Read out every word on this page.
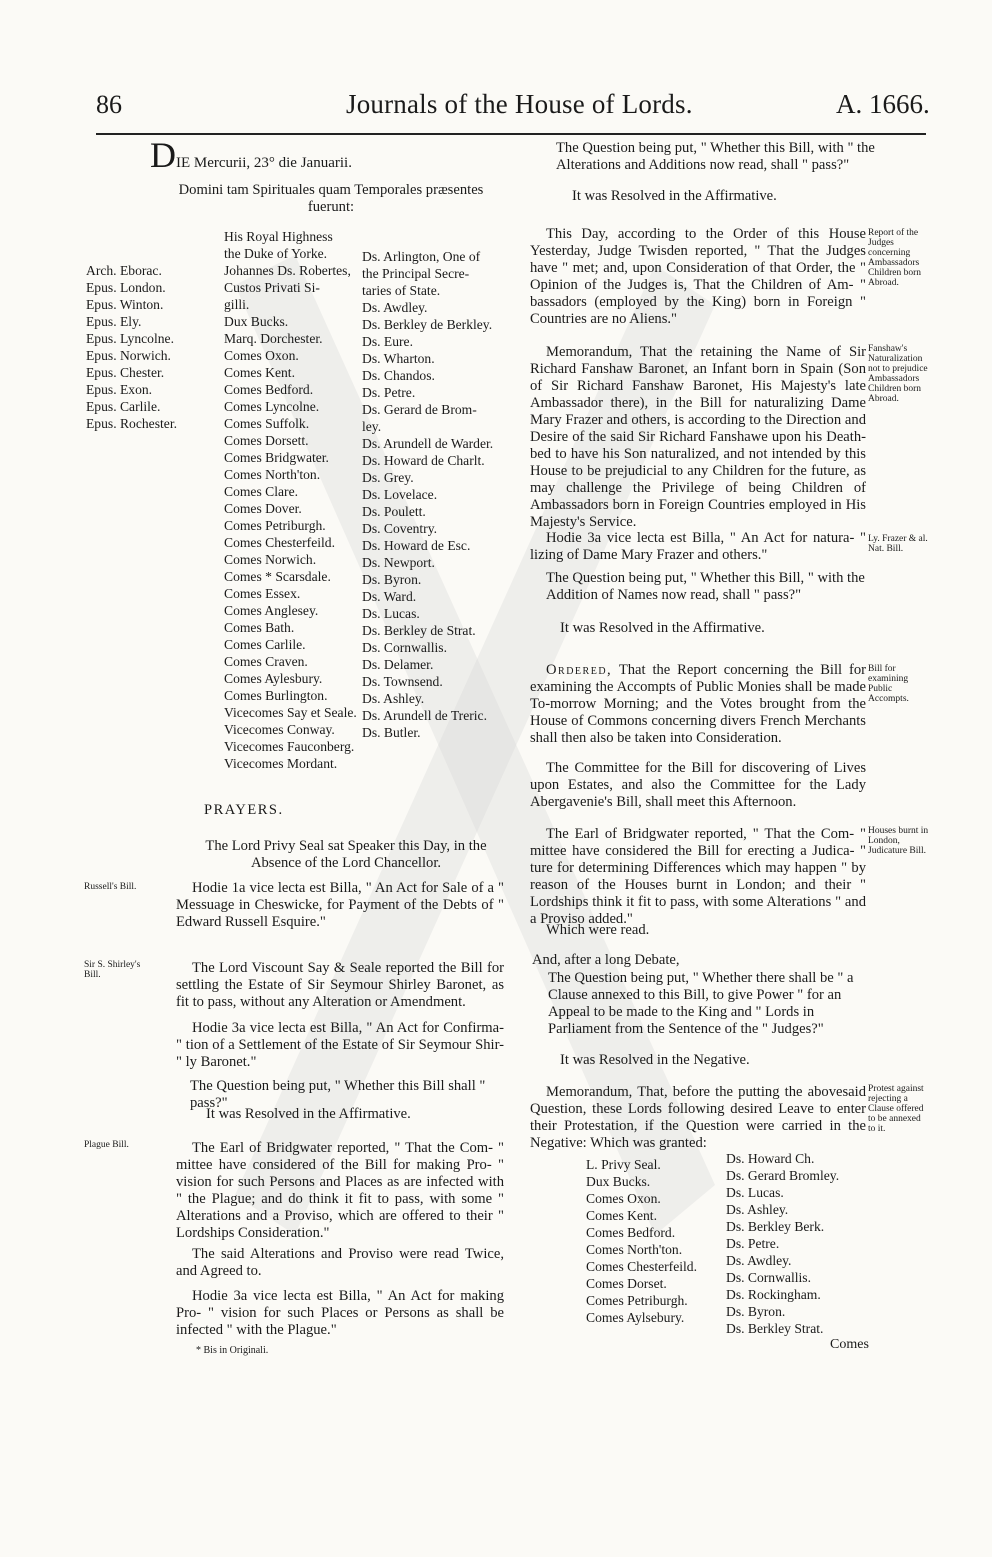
86	Journals of the House of Lords.	A. 1666.
DIE Mercurii, 23° die Januarii.
Domini tam Spirituales quam Temporales præsentes
fuerunt:
Arch. Eborac.
Epus. London.
Epus. Winton.
Epus. Ely.
Epus. Lyncolne.
Epus. Norwich.
Epus. Chester.
Epus. Exon.
Epus. Carlile.
Epus. Rochester.
His Royal Highness
the Duke of Yorke.
Johannes Ds. Robertes,
Custos Privati Si-
gilli.
Dux Bucks.
Marq. Dorchester.
Comes Oxon.
Comes Kent.
Comes Bedford.
Comes Lyncolne.
Comes Suffolk.
Comes Dorsett.
Comes Bridgwater.
Comes North'ton.
Comes Clare.
Comes Dover.
Comes Petriburgh.
Comes Chesterfeild.
Comes Norwich.
Comes * Scarsdale.
Comes Essex.
Comes Anglesey.
Comes Bath.
Comes Carlile.
Comes Craven.
Comes Aylesbury.
Comes Burlington.
Vicecomes Say et Seale.
Vicecomes Conway.
Vicecomes Fauconberg.
Vicecomes Mordant.
Ds. Arlington, One of
the Principal Secre-
taries of State.
Ds. Awdley.
Ds. Berkley de Berkley.
Ds. Eure.
Ds. Wharton.
Ds. Chandos.
Ds. Petre.
Ds. Gerard de Brom-
ley.
Ds. Arundell de Warder.
Ds. Howard de Charlt.
Ds. Grey.
Ds. Lovelace.
Ds. Poulett.
Ds. Coventry.
Ds. Howard de Esc.
Ds. Newport.
Ds. Byron.
Ds. Ward.
Ds. Lucas.
Ds. Berkley de Strat.
Ds. Cornwallis.
Ds. Delamer.
Ds. Townsend.
Ds. Ashley.
Ds. Arundell de Treric.
Ds. Butler.
PRAYERS.
The Lord Privy Seal sat Speaker this Day, in the Absence of the Lord Chancellor.
Russell's Bill.	Hodie 1a vice lecta est Billa, " An Act for Sale of a " Messuage in Cheswicke, for Payment of the Debts of " Edward Russell Esquire."

Sir S. Shirley's Bill.	The Lord Viscount Say & Seale reported the Bill for settling the Estate of Sir Seymour Shirley Baronet, as fit to pass, without any Alteration or Amendment.

Hodie 3a vice lecta est Billa, " An Act for Confirma- " tion of a Settlement of the Estate of Sir Seymour Shir- " ly Baronet."

The Question being put, " Whether this Bill shall " pass?"

It was Resolved in the Affirmative.

Plague Bill.	The Earl of Bridgwater reported, " That the Com- " mittee have considered of the Bill for making Pro- " vision for such Persons and Places as are infected with " the Plague; and do think it fit to pass, with some " Alterations and a Proviso, which are offered to their " Lordships Consideration."

The said Alterations and Proviso were read Twice, and Agreed to.

Hodie 3a vice lecta est Billa, " An Act for making Pro- " vision for such Places or Persons as shall be infected " with the Plague."

* Bis in Originali.

The Question being put, " Whether this Bill, with " the Alterations and Additions now read, shall " pass?"

It was Resolved in the Affirmative.

This Day, according to the Order of this House Yesterday, Judge Twisden reported, " That the Judges have " met; and, upon Consideration of that Order, the " Opinion of the Judges is, That the Children of Am- " bassadors (employed by the King) born in Foreign " Countries are no Aliens."

Report of the Judges concerning Ambassadors Children born Abroad.

Memorandum, That the retaining the Name of Sir Richard Fanshaw Baronet, an Infant born in Spain (Son of Sir Richard Fanshaw Baronet, His Majesty's late Ambassador there), in the Bill for naturalizing Dame Mary Frazer and others, is according to the Direction and Desire of the said Sir Richard Fanshawe upon his Death-bed to have his Son naturalized, and not intended by this House to be prejudicial to any Children for the future, as may challenge the Privilege of being Children of Ambassadors born in Foreign Countries employed in His Majesty's Service.

Fanshaw's Naturalization not to prejudice Ambassadors Children born Abroad.

Hodie 3a vice lecta est Billa, " An Act for natura- " lizing of Dame Mary Frazer and others."

Ly. Frazer & al. Nat. Bill.

The Question being put, " Whether this Bill, " with the Addition of Names now read, shall " pass?"

It was Resolved in the Affirmative.

Ordered, That the Report concerning the Bill for examining the Accompts of Public Monies shall be made To-morrow Morning; and the Votes brought from the House of Commons concerning divers French Merchants shall then also be taken into Consideration.

Bill for examining Public Accompts.

The Committee for the Bill for discovering of Lives upon Estates, and also the Committee for the Lady Abergavenie's Bill, shall meet this Afternoon.

The Earl of Bridgwater reported, " That the Com- " mittee have considered the Bill for erecting a Judica- " ture for determining Differences which may happen " by reason of the Houses burnt in London; and their " Lordships think it fit to pass, with some Alterations " and a Proviso added."

Houses burnt in London, Judicature Bill.

Which were read.

And, after a long Debate,

The Question being put, " Whether there shall be " a Clause annexed to this Bill, to give Power " for an Appeal to be made to the King and " Lords in Parliament from the Sentence of the " Judges?"

It was Resolved in the Negative.

Memorandum, That, before the putting the abovesaid Question, these Lords following desired Leave to enter their Protestation, if the Question were carried in the Negative: Which was granted:

Protest against rejecting a Clause offered to be annexed to it.
L. Privy Seal.
Dux Bucks.
Comes Oxon.
Comes Kent.
Comes Bedford.
Comes North'ton.
Comes Chesterfeild.
Comes Dorset.
Comes Petriburgh.
Comes Aylsebury.
Ds. Howard Ch.
Ds. Gerard Bromley.
Ds. Lucas.
Ds. Ashley.
Ds. Berkley Berk.
Ds. Petre.
Ds. Awdley.
Ds. Cornwallis.
Ds. Rockingham.
Ds. Byron.
Ds. Berkley Strat.
Comes
